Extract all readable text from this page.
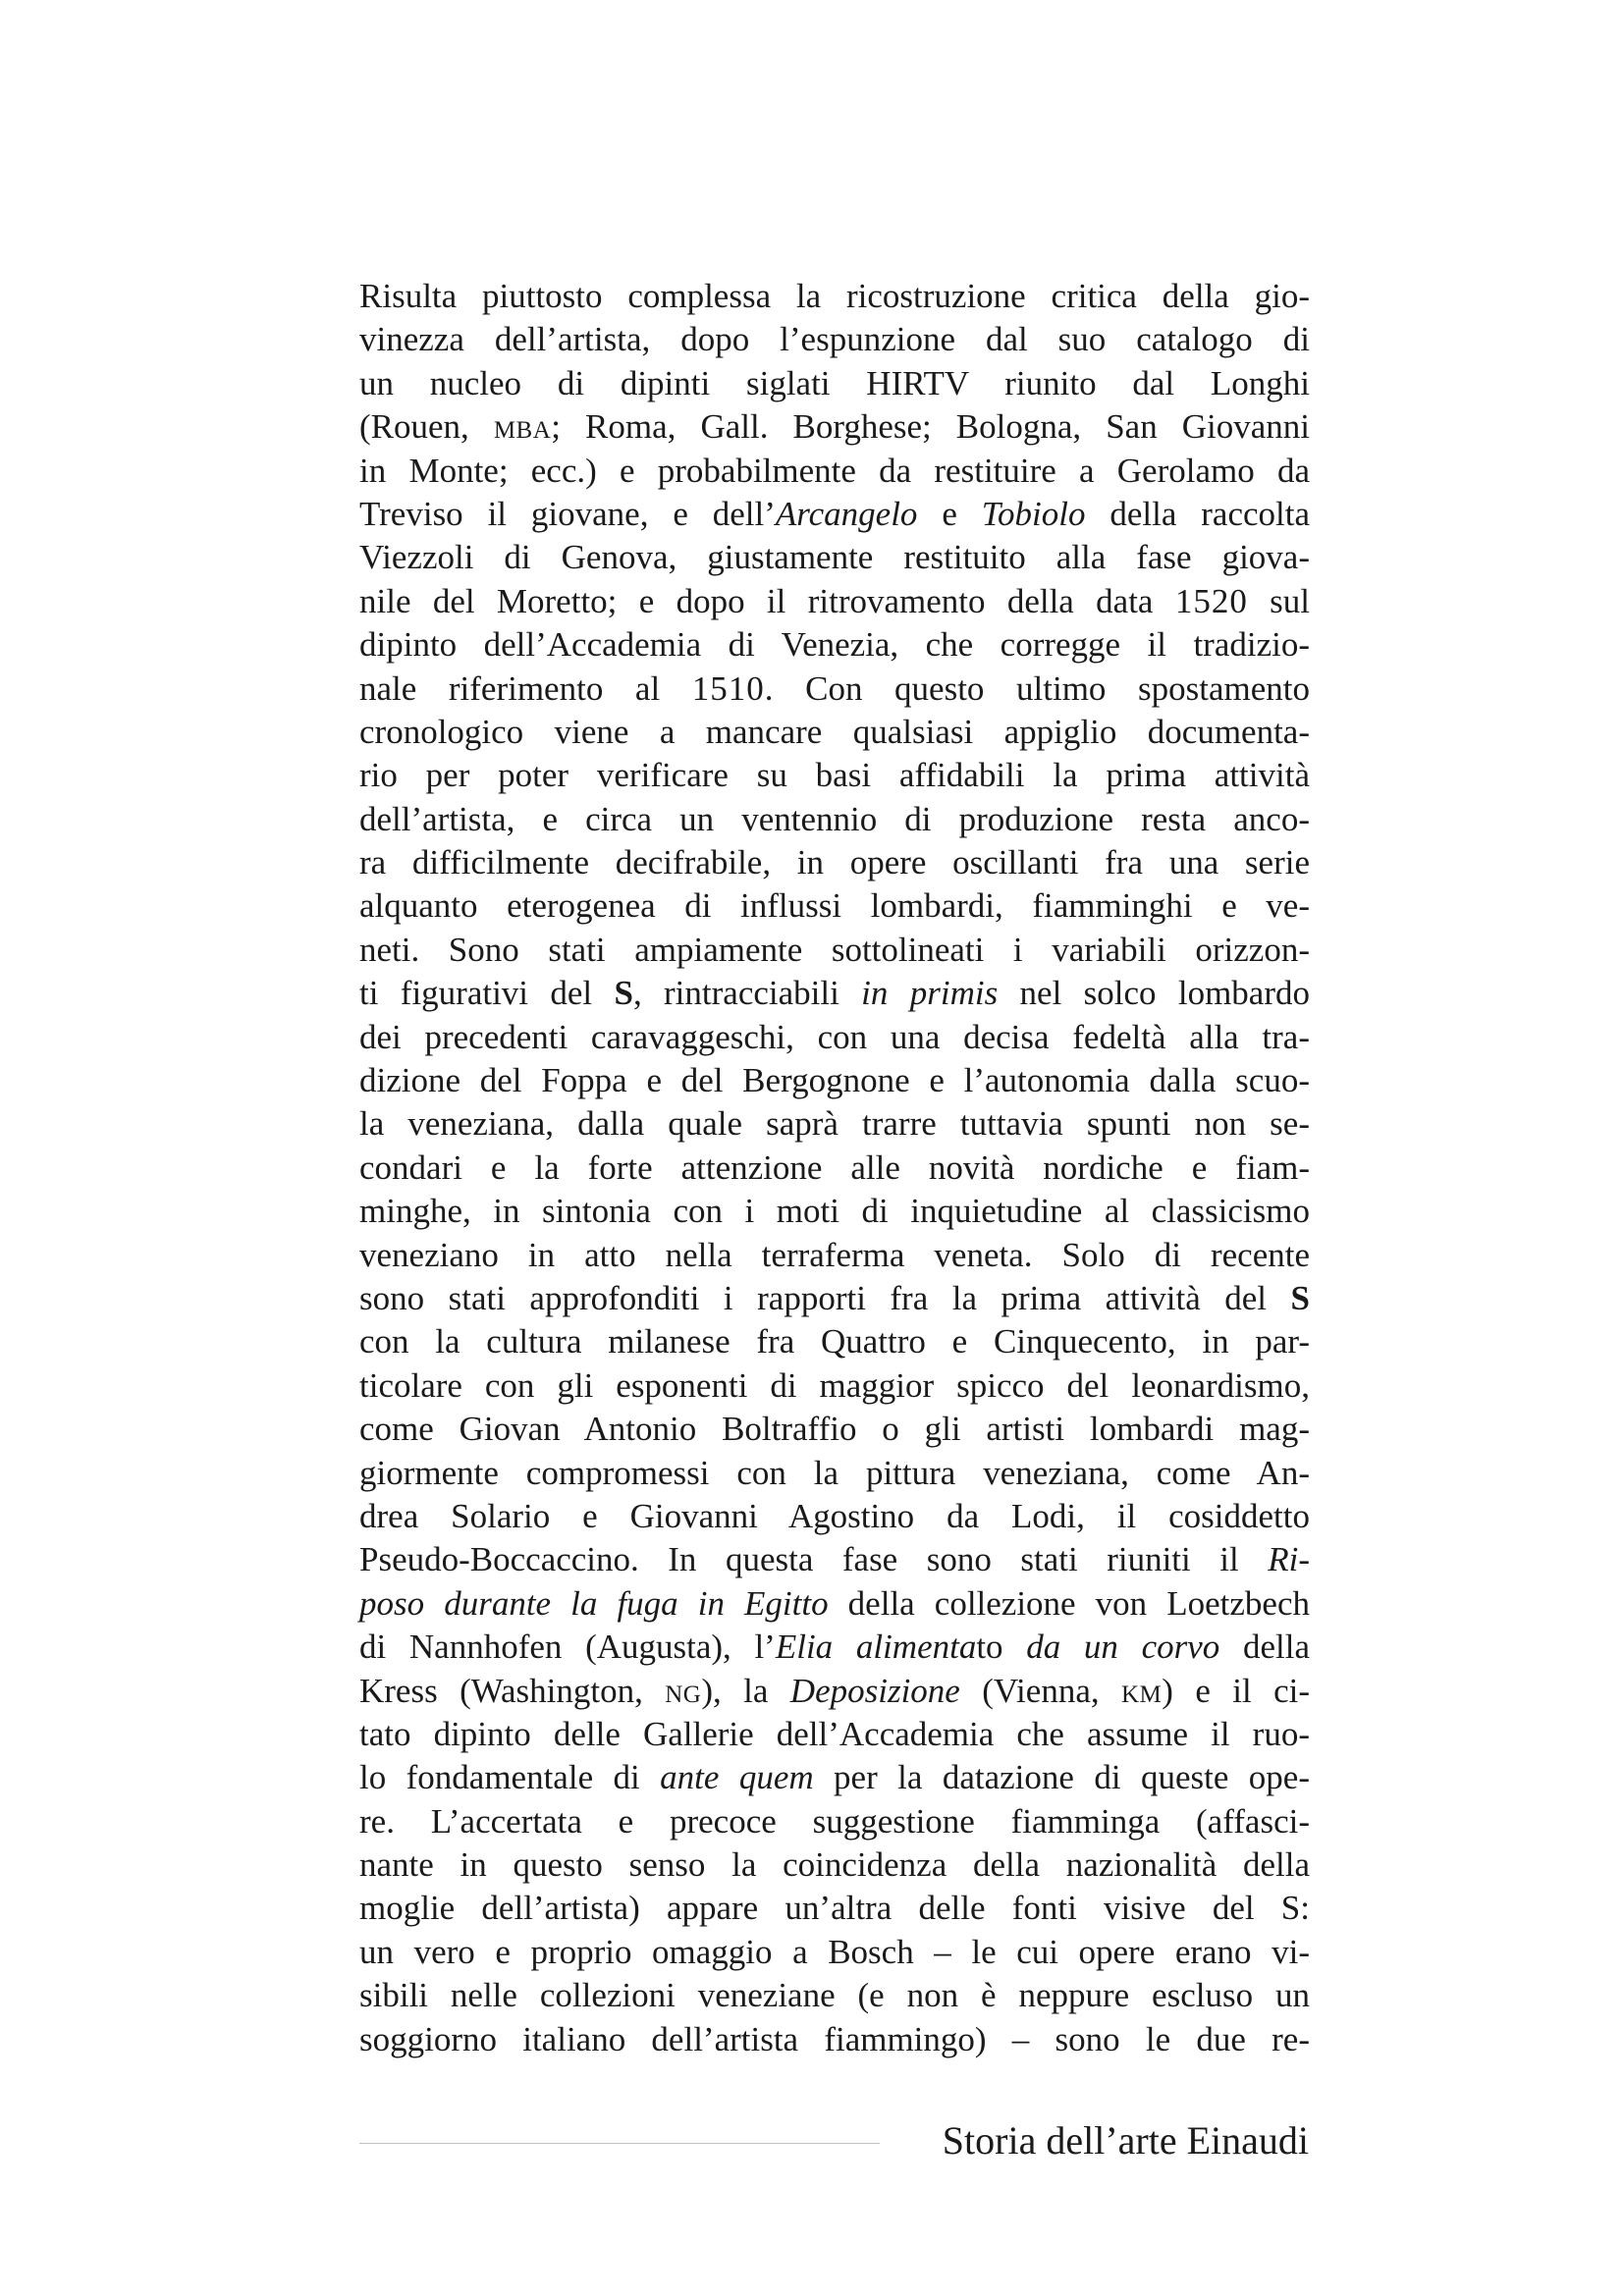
Risulta piuttosto complessa la ricostruzione critica della gio-
vinezza dell’artista, dopo l’espunzione dal suo catalogo di
un nucleo di dipinti siglati HIRTV riunito dal Longhi
(Rouen, mba; Roma, Gall. Borghese; Bologna, San Giovanni
in Monte; ecc.) e probabilmente da restituire a Gerolamo da
Treviso il giovane, e dell’Arcangelo e Tobiolo della raccolta
Viezzoli di Genova, giustamente restituito alla fase giova-
nile del Moretto; e dopo il ritrovamento della data 1520 sul
dipinto dell’Accademia di Venezia, che corregge il tradizio-
nale riferimento al 1510. Con questo ultimo spostamento
cronologico viene a mancare qualsiasi appiglio documenta-
rio per poter verificare su basi affidabili la prima attività
dell’artista, e circa un ventennio di produzione resta anco-
ra difficilmente decifrabile, in opere oscillanti fra una serie
alquanto eterogenea di influssi lombardi, fiamminghi e ve-
neti. Sono stati ampiamente sottolineati i variabili orizzon-
ti figurativi del S, rintracciabili in primis nel solco lombardo
dei precedenti caravaggeschi, con una decisa fedeltà alla tra-
dizione del Foppa e del Bergognone e l’autonomia dalla scuo-
la veneziana, dalla quale saprà trarre tuttavia spunti non se-
condari e la forte attenzione alle novità nordiche e fiam-
minghe, in sintonia con i moti di inquietudine al classicismo
veneziano in atto nella terraferma veneta. Solo di recente
sono stati approfonditi i rapporti fra la prima attività del S
con la cultura milanese fra Quattro e Cinquecento, in par-
ticolare con gli esponenti di maggior spicco del leonardismo,
come Giovan Antonio Boltraffio o gli artisti lombardi mag-
giormente compromessi con la pittura veneziana, come An-
drea Solario e Giovanni Agostino da Lodi, il cosiddetto
Pseudo-Boccaccino. In questa fase sono stati riuniti il Ri-
poso durante la fuga in Egitto della collezione von Loetzbech
di Nannhofen (Augusta), l’Elia alimentato da un corvo della
Kress (Washington, ng), la Deposizione (Vienna, km) e il ci-
tato dipinto delle Gallerie dell’Accademia che assume il ruo-
lo fondamentale di ante quem per la datazione di queste ope-
re. L’accertata e precoce suggestione fiamminga (affasci-
nante in questo senso la coincidenza della nazionalità della
moglie dell’artista) appare un’altra delle fonti visive del S:
un vero e proprio omaggio a Bosch – le cui opere erano vi-
sibili nelle collezioni veneziane (e non è neppure escluso un
soggiorno italiano dell’artista fiammingo) – sono le due re-
Storia dell’arte Einaudi
